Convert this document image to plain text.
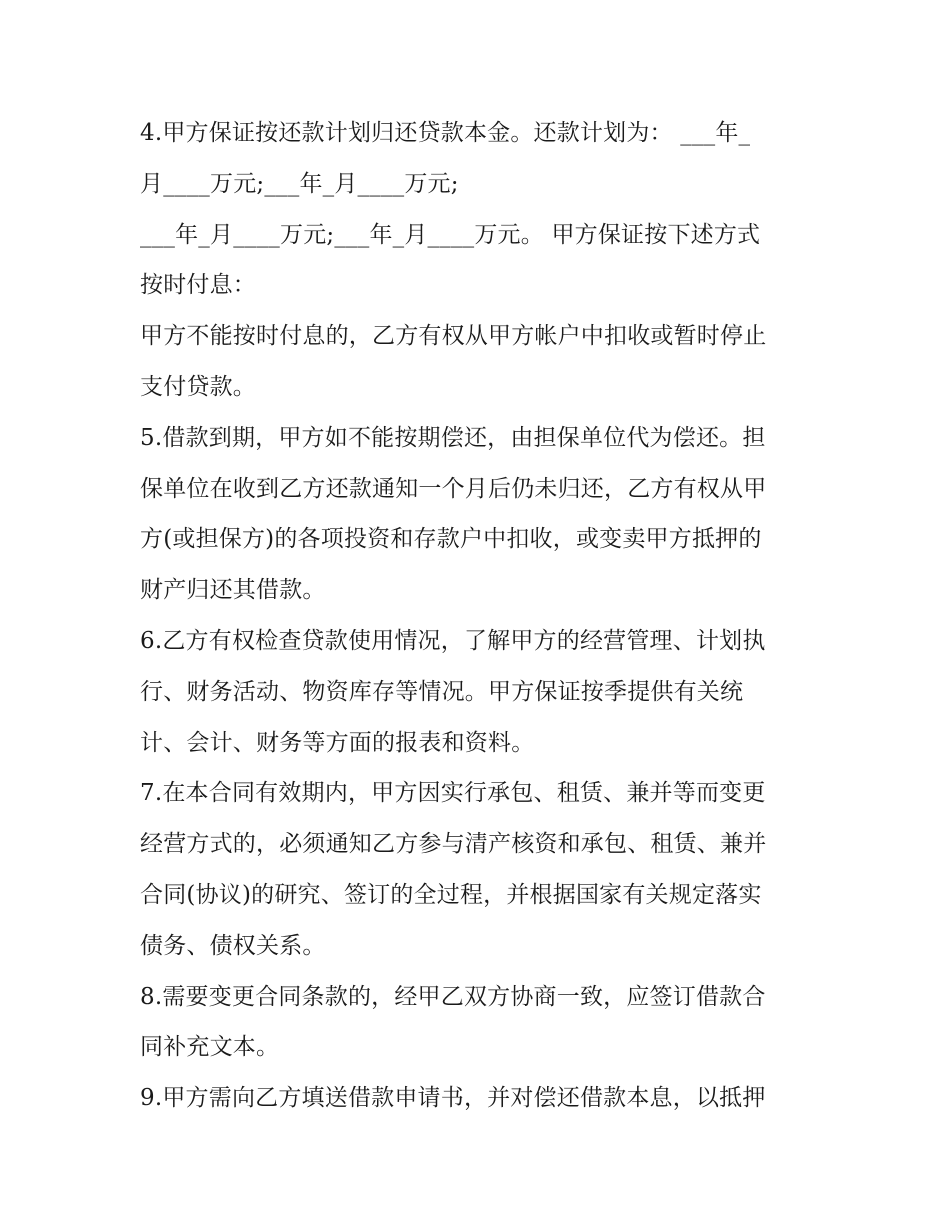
4.甲方保证按还款计划归还贷款本金。还款计划为： ___年_
月____万元;___年_月____万元;
___年_月____万元;___年_月____万元。 甲方保证按下述方式
按时付息：
甲方不能按时付息的，乙方有权从甲方帐户中扣收或暂时停止
支付贷款。
5.借款到期，甲方如不能按期偿还，由担保单位代为偿还。担
保单位在收到乙方还款通知一个月后仍未归还，乙方有权从甲
方(或担保方)的各项投资和存款户中扣收，或变卖甲方抵押的
财产归还其借款。
6.乙方有权检查贷款使用情况，了解甲方的经营管理、计划执
行、财务活动、物资库存等情况。甲方保证按季提供有关统
计、会计、财务等方面的报表和资料。
7.在本合同有效期内，甲方因实行承包、租赁、兼并等而变更
经营方式的，必须通知乙方参与清产核资和承包、租赁、兼并
合同(协议)的研究、签订的全过程，并根据国家有关规定落实
债务、债权关系。
8.需要变更合同条款的，经甲乙双方协商一致，应签订借款合
同补充文本。
9.甲方需向乙方填送借款申请书，并对偿还借款本息，以抵押
